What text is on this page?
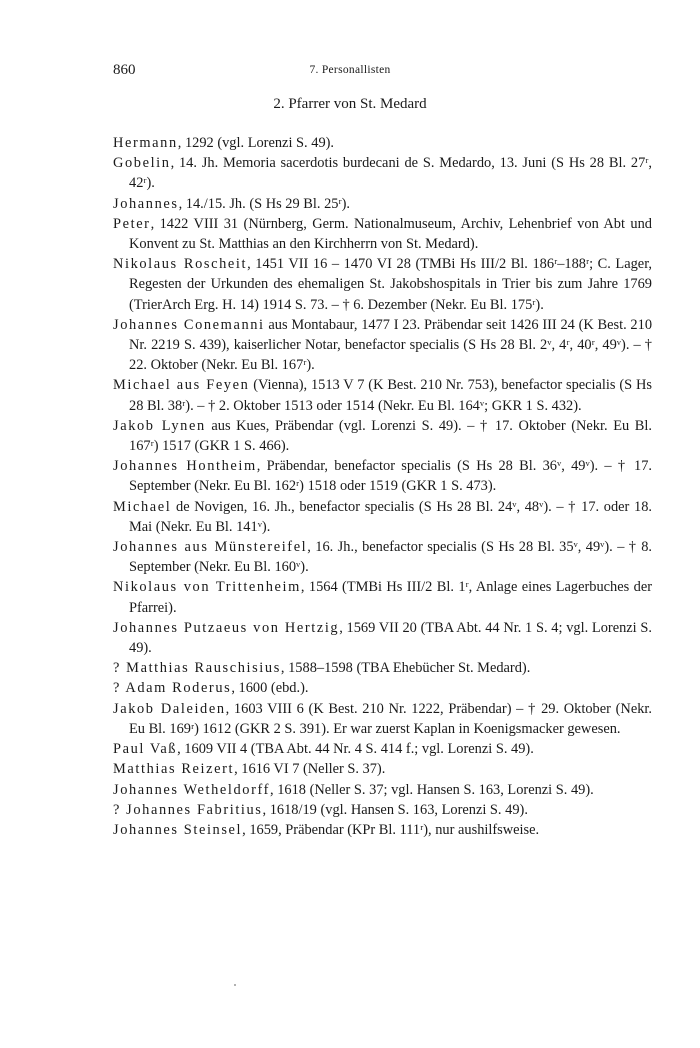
860	7. Personallisten
2. Pfarrer von St. Medard

Hermann, 1292 (vgl. Lorenzi S. 49).

Gobelin, 14. Jh. Memoria sacerdotis burdecani de S. Medardo, 13. Juni (S Hs 28 Bl. 27ʳ, 42ʳ).

Johannes, 14./15. Jh. (S Hs 29 Bl. 25ʳ).

Peter, 1422 VIII 31 (Nürnberg, Germ. Nationalmuseum, Archiv, Lehenbrief von Abt und Konvent zu St. Matthias an den Kirchherrn von St. Medard).

Nikolaus Roscheit, 1451 VII 16 – 1470 VI 28 (TMBi Hs III/2 Bl. 186ʳ–188ʳ; C. Lager, Regesten der Urkunden des ehemaligen St. Jakobshospitals in Trier bis zum Jahre 1769 (TrierArch Erg. H. 14) 1914 S. 73. – † 6. Dezember (Nekr. Eu Bl. 175ʳ).

Johannes Conemanni aus Montabaur, 1477 I 23. Präbendar seit 1426 III 24 (K Best. 210 Nr. 2219 S. 439), kaiserlicher Notar, benefactor specialis (S Hs 28 Bl. 2ᵛ, 4ʳ, 40ʳ, 49ᵛ). – † 22. Oktober (Nekr. Eu Bl. 167ʳ).

Michael aus Feyen (Vienna), 1513 V 7 (K Best. 210 Nr. 753), benefactor specialis (S Hs 28 Bl. 38ʳ). – † 2. Oktober 1513 oder 1514 (Nekr. Eu Bl. 164ᵛ; GKR 1 S. 432).

Jakob Lynen aus Kues, Präbendar (vgl. Lorenzi S. 49). – † 17. Oktober (Nekr. Eu Bl. 167ʳ) 1517 (GKR 1 S. 466).

Johannes Hontheim, Präbendar, benefactor specialis (S Hs 28 Bl. 36ᵛ, 49ᵛ). – † 17. September (Nekr. Eu Bl. 162ʳ) 1518 oder 1519 (GKR 1 S. 473).

Michael de Novigen, 16. Jh., benefactor specialis (S Hs 28 Bl. 24ᵛ, 48ᵛ). – † 17. oder 18. Mai (Nekr. Eu Bl. 141ᵛ).

Johannes aus Münstereifel, 16. Jh., benefactor specialis (S Hs 28 Bl. 35ᵛ, 49ᵛ). – † 8. September (Nekr. Eu Bl. 160ᵛ).

Nikolaus von Trittenheim, 1564 (TMBi Hs III/2 Bl. 1ʳ, Anlage eines Lagerbuches der Pfarrei).

Johannes Putzaeus von Hertzig, 1569 VII 20 (TBA Abt. 44 Nr. 1 S. 4; vgl. Lorenzi S. 49).

? Matthias Rauschisius, 1588–1598 (TBA Ehebücher St. Medard).

? Adam Roderus, 1600 (ebd.).

Jakob Daleiden, 1603 VIII 6 (K Best. 210 Nr. 1222, Präbendar) – † 29. Oktober (Nekr. Eu Bl. 169ʳ) 1612 (GKR 2 S. 391). Er war zuerst Kaplan in Koenigsmacker gewesen.

Paul Vaß, 1609 VII 4 (TBA Abt. 44 Nr. 4 S. 414 f.; vgl. Lorenzi S. 49).

Matthias Reizert, 1616 VI 7 (Neller S. 37).

Johannes Wetheldorff, 1618 (Neller S. 37; vgl. Hansen S. 163, Lorenzi S. 49).

? Johannes Fabritius, 1618/19 (vgl. Hansen S. 163, Lorenzi S. 49).

Johannes Steinsel, 1659, Präbendar (KPr Bl. 111ʳ), nur aushilfsweise.
